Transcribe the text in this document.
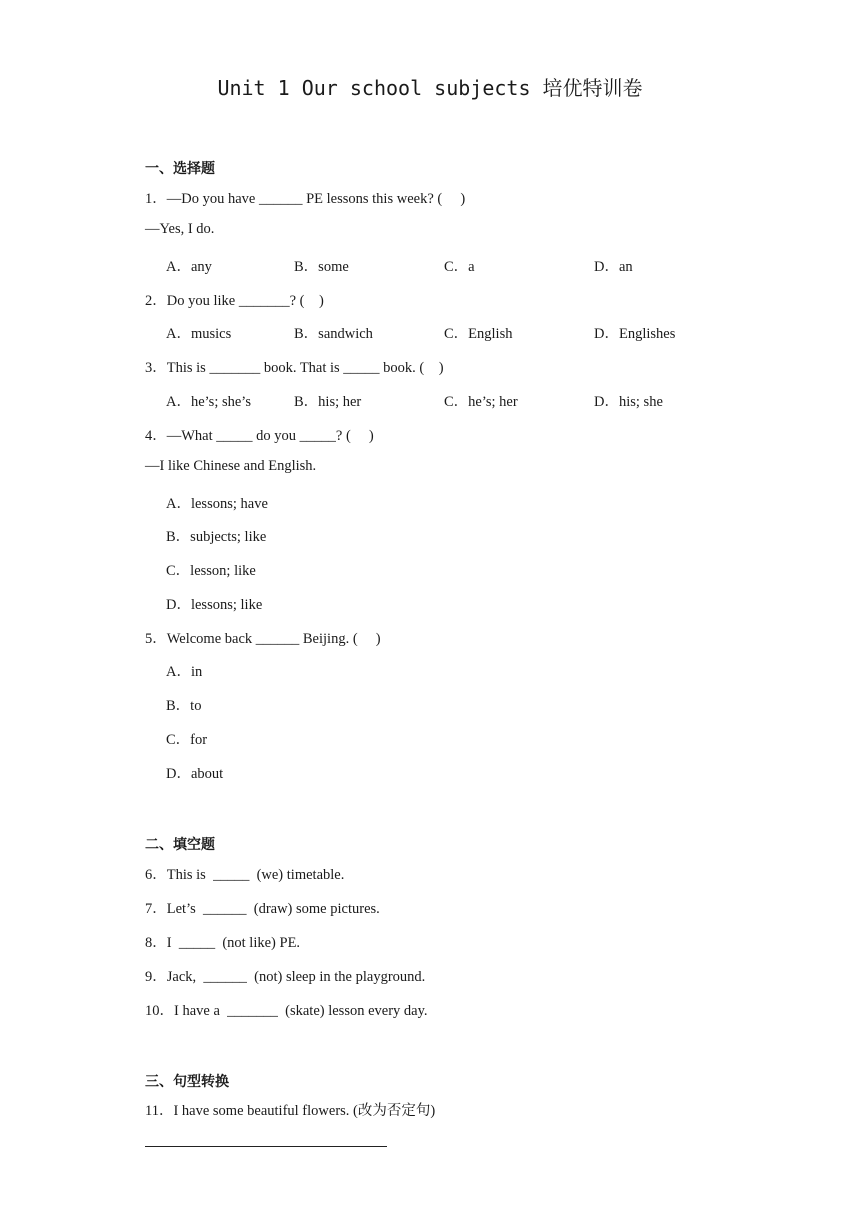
Unit 1 Our school subjects 培优特训卷
一、选择题
1．—Do you have ______ PE lessons this week? (     )
—Yes, I do.
A．any	B．some	C．a	D．an
2．Do you like _______? (    )
A．musics	B．sandwich	C．English	D．Englishes
3．This is _______ book. That is _____ book. (    )
A．he’s; she’s	B．his; her	C．he’s; her	D．his; she
4．—What _____ do you _____? (     )
—I like Chinese and English.
A．lessons; have
B．subjects; like
C．lesson; like
D．lessons; like
5．Welcome back ______ Beijing. (     )
A．in
B．to
C．for
D．about
二、填空题
6．This is  _____  (we) timetable.
7．Let’s  ______  (draw) some pictures.
8．I  _____  (not like) PE.
9．Jack,  ______  (not) sleep in the playground.
10．I have a  _______  (skate) lesson every day.
三、句型转换
11．I have some beautiful flowers. (改为否定句)
